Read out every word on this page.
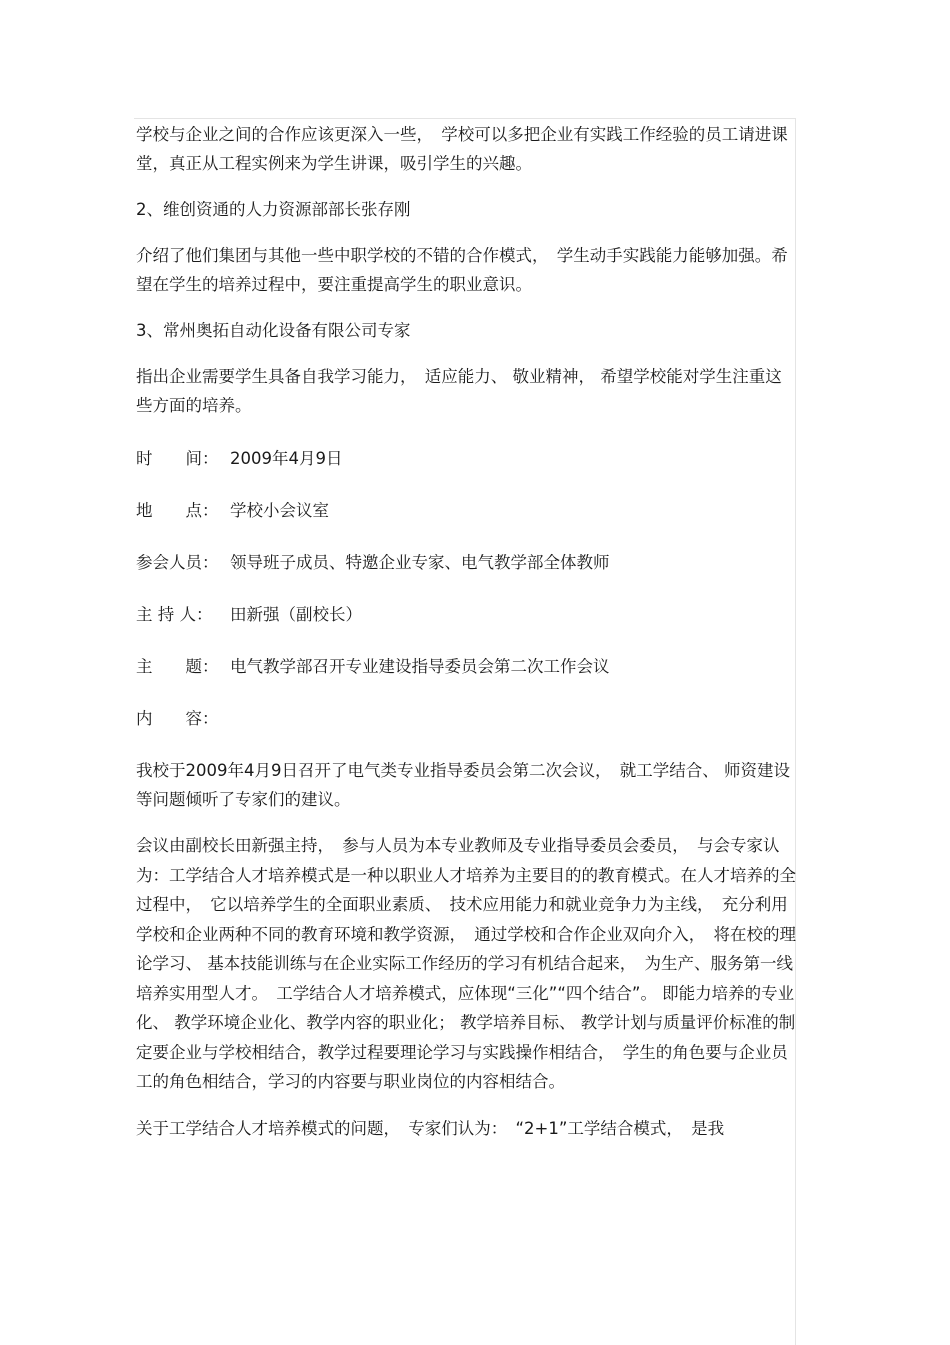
学校与企业之间的合作应该更深入一些，　学校可以多把企业有实践工作经验的员工请进课堂，真正从工程实例来为学生讲课，吸引学生的兴趣。

2、维创资通的人力资源部部长张存刚

介绍了他们集团与其他一些中职学校的不错的合作模式，　学生动手实践能力能够加强。希望在学生的培养过程中，要注重提高学生的职业意识。

3、常州奥拓自动化设备有限公司专家

指出企业需要学生具备自我学习能力，　适应能力、 敬业精神， 希望学校能对学生注重这些方面的培养。

时　　间： 2009年4月9日
地　　点： 学校小会议室
参会人员： 领导班子成员、特邀企业专家、电气教学部全体教师
主 持 人：	田新强（副校长）
主　　题： 电气教学部召开专业建设指导委员会第二次工作会议
内　　容：

我校于2009年4月9日召开了电气类专业指导委员会第二次会议，　就工学结合、 师资建设等问题倾听了专家们的建议。

会议由副校长田新强主持，　参与人员为本专业教师及专业指导委员会委员，　与会专家认为：工学结合人才培养模式是一种以职业人才培养为主要目的的教育模式。在人才培养的全过程中，　它以培养学生的全面职业素质、　技术应用能力和就业竞争力为主线，　充分利用学校和企业两种不同的教育环境和教学资源，　通过学校和合作企业双向介入，　将在校的理论学习、 基本技能训练与在企业实际工作经历的学习有机结合起来，　为生产、服务第一线培养实用型人才。　工学结合人才培养模式，应体现“三化”“四个结合”。 即能力培养的专业化、 教学环境企业化、教学内容的职业化； 教学培养目标、 教学计划与质量评价标准的制定要企业与学校相结合，教学过程要理论学习与实践操作相结合，　学生的角色要与企业员工的角色相结合，学习的内容要与职业岗位的内容相结合。

关于工学结合人才培养模式的问题，　专家们认为：　“2+1”工学结合模式，　是我
